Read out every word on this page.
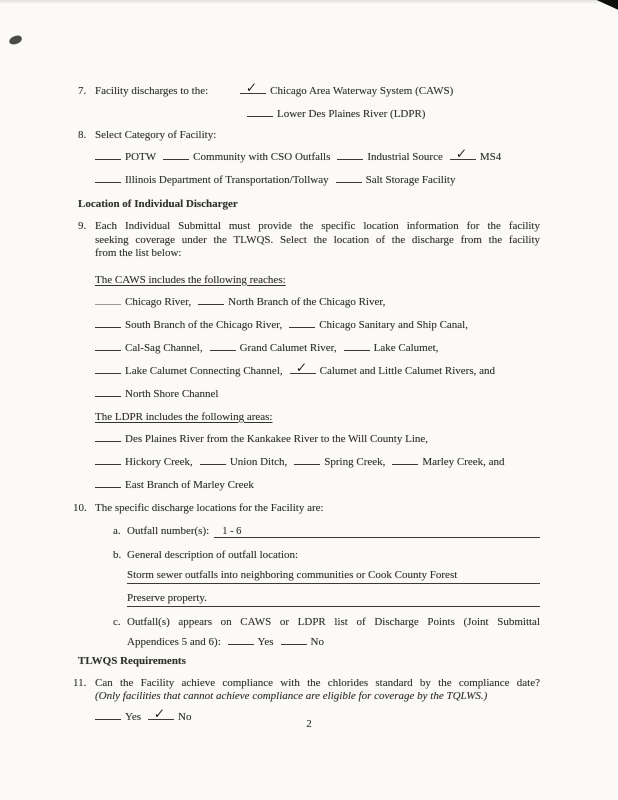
7. Facility discharges to the:	✓ Chicago Area Waterway System (CAWS)
Lower Des Plaines River (LDPR)
8. Select Category of Facility:
POTW	Community with CSO Outfalls	Industrial Source ✓ MS4
Illinois Department of Transportation/Tollway	Salt Storage Facility
Location of Individual Discharger
9. Each Individual Submittal must provide the specific location information for the facility
seeking coverage under the TLWQS. Select the location of the discharge from the facility
from the list below:
The CAWS includes the following reaches:
Chicago River,	North Branch of the Chicago River,
South Branch of the Chicago River,	Chicago Sanitary and Ship Canal,
Cal-Sag Channel,	Grand Calumet River,	Lake Calumet,
Lake Calumet Connecting Channel, ✓ Calumet and Little Calumet Rivers, and
North Shore Channel
The LDPR includes the following areas:
Des Plaines River from the Kankakee River to the Will County Line,
Hickory Creek,	Union Ditch,	Spring Creek,	Marley Creek, and
East Branch of Marley Creek
10. The specific discharge locations for the Facility are:
a. Outfall number(s):	1 - 6
b. General description of outfall location:
Storm sewer outfalls into neighboring communities or Cook County Forest
Preserve property.
c. Outfall(s) appears on CAWS or LDPR list of Discharge Points (Joint Submittal
Appendices 5 and 6):	Yes	No
TLWQS Requirements
11. Can the Facility achieve compliance with the chlorides standard by the compliance date?
(Only facilities that cannot achieve compliance are eligible for coverage by the TQLWS.)
Yes ✓ No
2
